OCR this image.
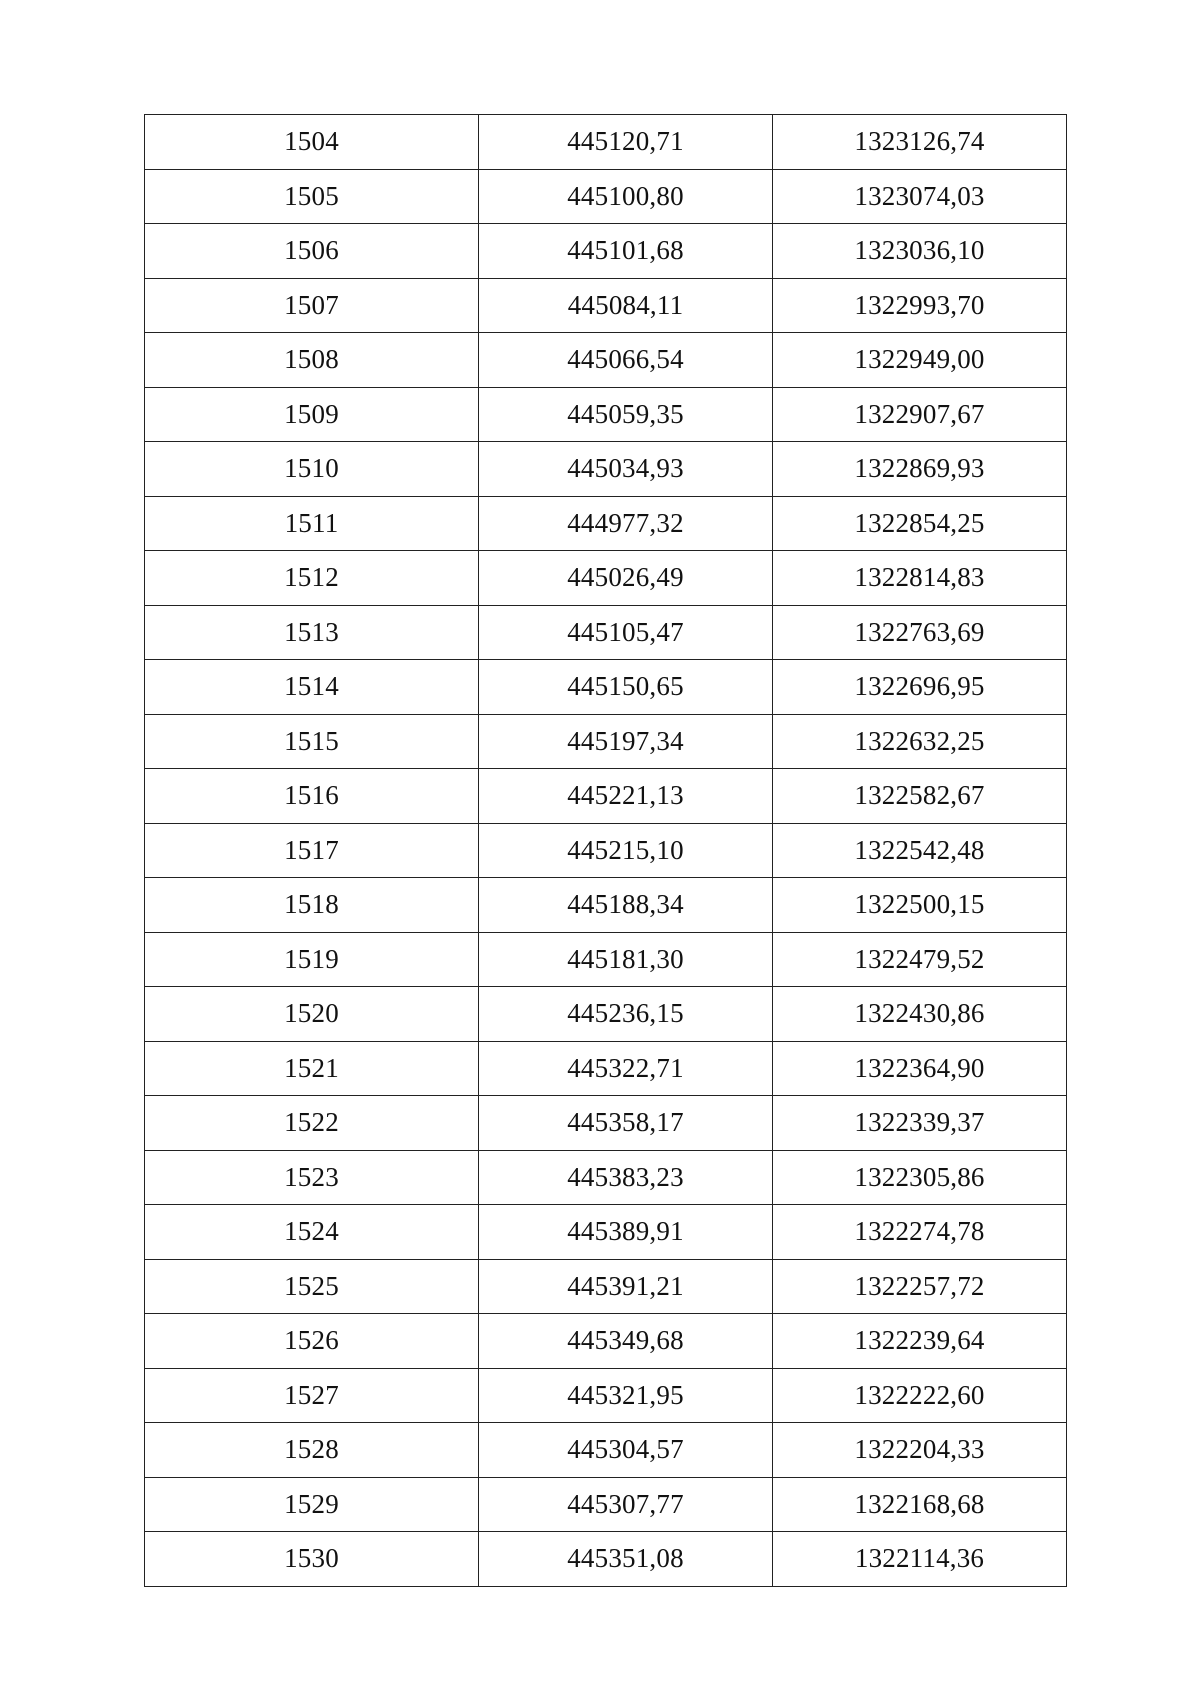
1504	445120,71	1323126,74
1505	445100,80	1323074,03
1506	445101,68	1323036,10
1507	445084,11	1322993,70
1508	445066,54	1322949,00
1509	445059,35	1322907,67
1510	445034,93	1322869,93
1511	444977,32	1322854,25
1512	445026,49	1322814,83
1513	445105,47	1322763,69
1514	445150,65	1322696,95
1515	445197,34	1322632,25
1516	445221,13	1322582,67
1517	445215,10	1322542,48
1518	445188,34	1322500,15
1519	445181,30	1322479,52
1520	445236,15	1322430,86
1521	445322,71	1322364,90
1522	445358,17	1322339,37
1523	445383,23	1322305,86
1524	445389,91	1322274,78
1525	445391,21	1322257,72
1526	445349,68	1322239,64
1527	445321,95	1322222,60
1528	445304,57	1322204,33
1529	445307,77	1322168,68
1530	445351,08	1322114,36
